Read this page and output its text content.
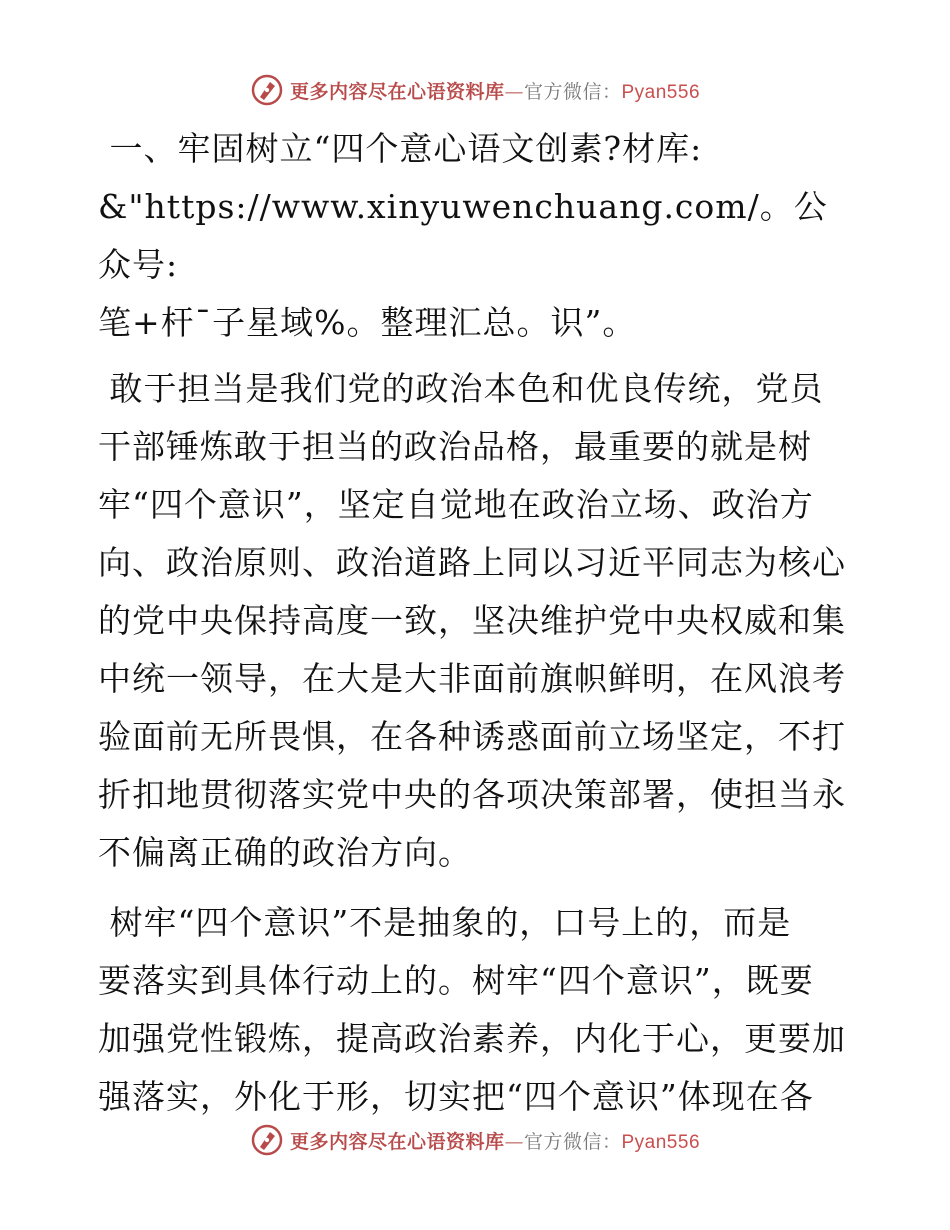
更多内容尽在心语资料库—官方微信：Pyan556

一、牢固树立“四个意心语文创素?材库:
&"https://www.xinyuwenchuang.com/。公众号:
笔+杆¯子星域%。整理汇总。识”。

敢于担当是我们党的政治本色和优良传统，党员
干部锤炼敢于担当的政治品格，最重要的就是树
牢“四个意识”，坚定自觉地在政治立场、政治方
向、政治原则、政治道路上同以习近平同志为核心
的党中央保持高度一致，坚决维护党中央权威和集
中统一领导，在大是大非面前旗帜鲜明，在风浪考
验面前无所畏惧，在各种诱惑面前立场坚定，不打
折扣地贯彻落实党中央的各项决策部署，使担当永
不偏离正确的政治方向。

树牢“四个意识”不是抽象的，口号上的，而是
要落实到具体行动上的。树牢“四个意识”，既要
加强党性锻炼，提高政治素养，内化于心，更要加
强落实，外化于形，切实把“四个意识”体现在各

更多内容尽在心语资料库—官方微信：Pyan556
